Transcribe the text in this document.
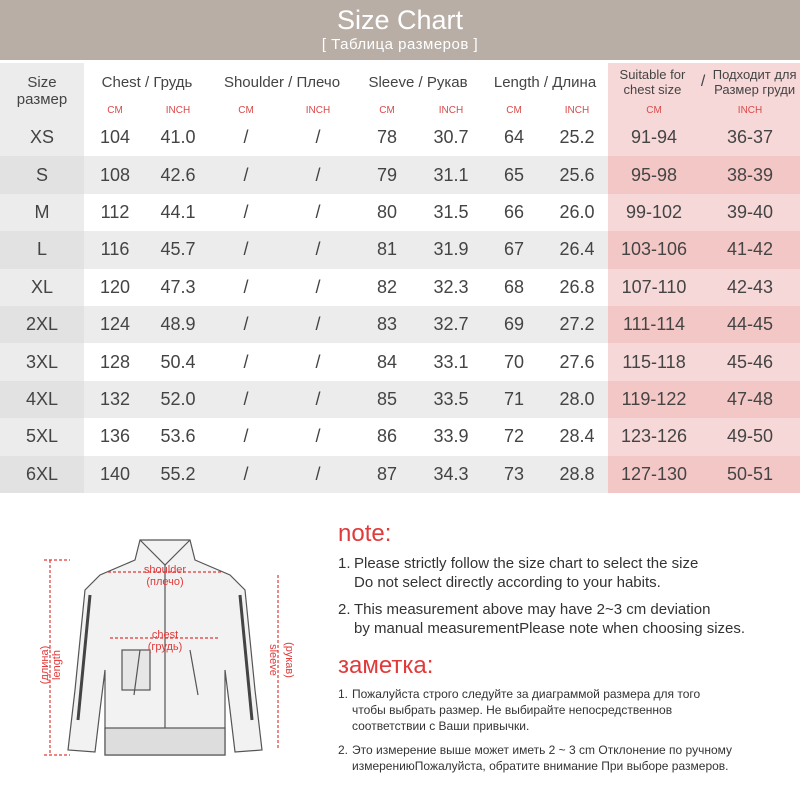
Size Chart
[ Таблица размеров ]
Size
размер	Chest / Грудь		Shoulder / Плечо		Sleeve / Рукав		Length / Длина		Suitable for
chest size / Подходит для
Размер груди	

	CM	INCH	CM	INCH	CM	INCH	CM	INCH	CM	INCH
XS	104	41.0	/	/	78	30.7	64	25.2	91-94	36-37
S	108	42.6	/	/	79	31.1	65	25.6	95-98	38-39
M	112	44.1	/	/	80	31.5	66	26.0	99-102	39-40
L	116	45.7	/	/	81	31.9	67	26.4	103-106	41-42
XL	120	47.3	/	/	82	32.3	68	26.8	107-110	42-43
2XL	124	48.9	/	/	83	32.7	69	27.2	111-114	44-45
3XL	128	50.4	/	/	84	33.1	70	27.6	115-118	45-46
4XL	132	52.0	/	/	85	33.5	71	28.0	119-122	47-48
5XL	136	53.6	/	/	86	33.9	72	28.4	123-126	49-50
6XL	140	55.2	/	/	87	34.3	73	28.8	127-130	50-51
shoulder
(плечо)
chest
(грудь)
length
(длина)	sleeve (рукав)
note:
1. Please strictly follow the size chart to select the size
Do not select directly according to your habits.
2. This measurement above may have 2~3 cm deviation
by manual measurementPlease note when choosing sizes.
заметка:
1. Пожалуйста строго следуйте за диаграммой размера для того
чтобы выбрать размер. Не выбирайте непосредственнов
соответствии с Ваши привычки.
2. Это измерение выше может иметь 2 ~ 3 cm Отклонение по ручному
измерениюПожалуйста, обратите внимание При выборе размеров.
